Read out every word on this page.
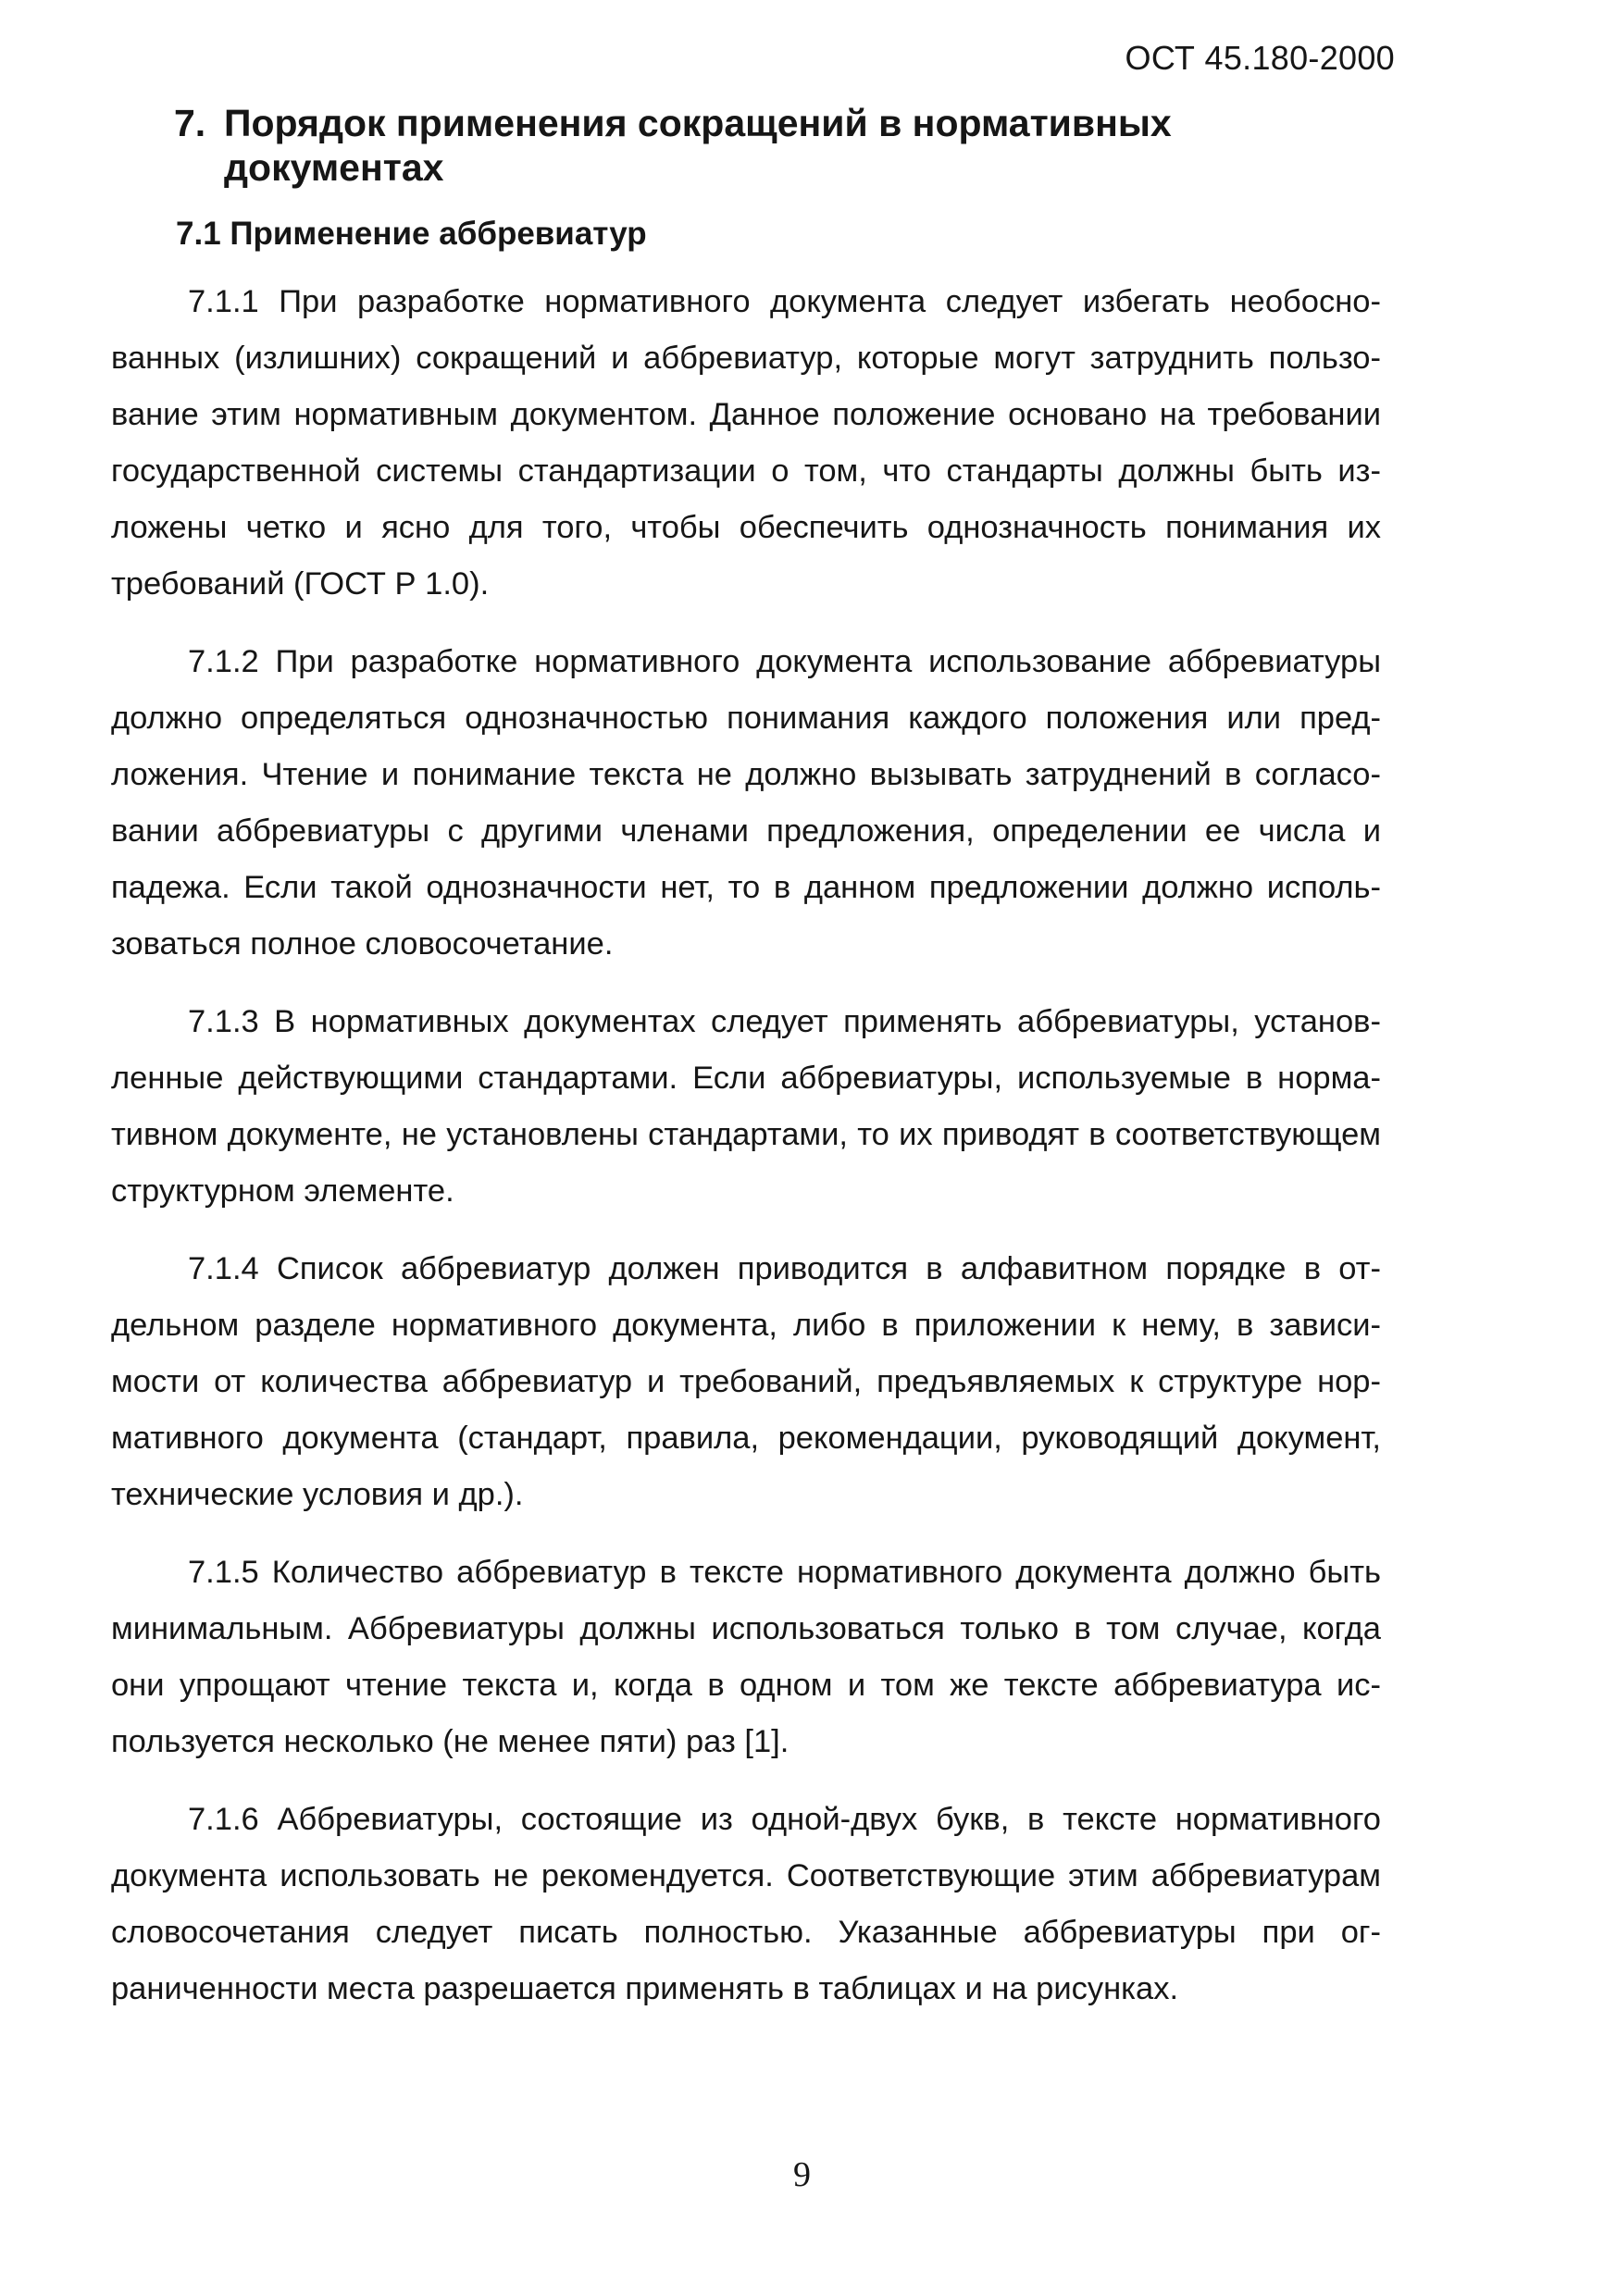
ОСТ 45.180-2000
7. Порядок применения сокращений в нормативных документах
7.1 Применение аббревиатур

7.1.1 При разработке нормативного документа следует избегать необоснованных (излишних) сокращений и аббревиатур, которые могут затруднить пользование этим нормативным документом. Данное положение основано на требовании государственной системы стандартизации о том, что стандарты должны быть изложены четко и ясно для того, чтобы обеспечить однозначность понимания их требований (ГОСТ Р 1.0).

7.1.2 При разработке нормативного документа использование аббревиатуры должно определяться однозначностью понимания каждого положения или предложения. Чтение и понимание текста не должно вызывать затруднений в согласовании аббревиатуры с другими членами предложения, определении ее числа и падежа. Если такой однозначности нет, то в данном предложении должно использоваться полное словосочетание.

7.1.3 В нормативных документах следует применять аббревиатуры, установленные действующими стандартами. Если аббревиатуры, используемые в нормативном документе, не установлены стандартами, то их приводят в соответствующем структурном элементе.

7.1.4 Список аббревиатур должен приводится в алфавитном порядке в отдельном разделе нормативного документа, либо в приложении к нему, в зависимости от количества аббревиатур и требований, предъявляемых к структуре нормативного документа (стандарт, правила, рекомендации, руководящий документ, технические условия и др.).

7.1.5 Количество аббревиатур в тексте нормативного документа должно быть минимальным. Аббревиатуры должны использоваться только в том случае, когда они упрощают чтение текста и, когда в одном и том же тексте аббревиатура используется несколько (не менее пяти) раз [1].

7.1.6 Аббревиатуры, состоящие из одной-двух букв, в тексте нормативного документа использовать не рекомендуется. Соответствующие этим аббревиатурам словосочетания следует писать полностью. Указанные аббревиатуры при ограниченности места разрешается применять в таблицах и на рисунках.

9
